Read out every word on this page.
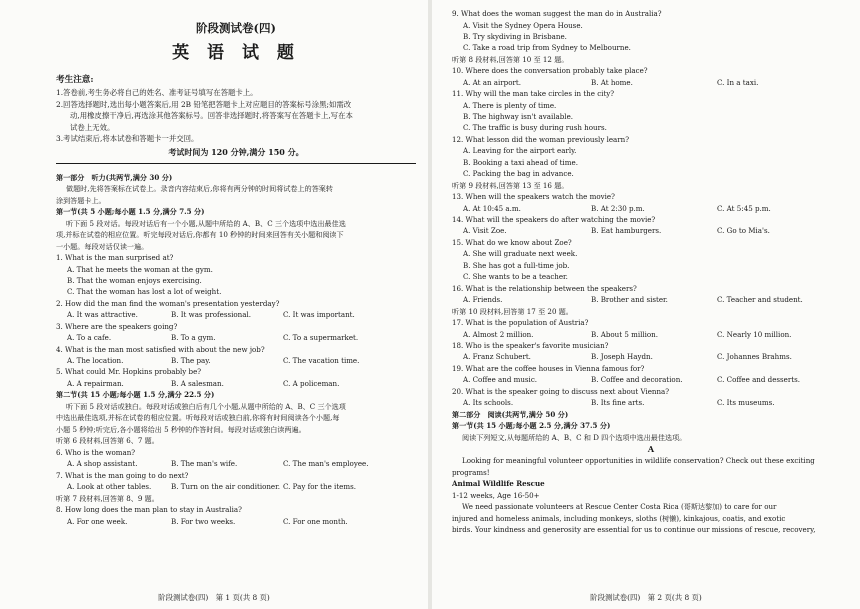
阶段测试卷(四)
英 语 试 题
考生注意:
1.答卷前,考生务必将自己的姓名、准考证号填写在答题卡上。
2.回答选择题时,选出每小题答案后,用 2B 铅笔把答题卡上对应题目的答案标号涂黑;如需改
动,用橡皮擦干净后,再选涂其他答案标号。回答非选择题时,将答案写在答题卡上,写在本
试卷上无效。
3.考试结束后,将本试卷和答题卡一并交回。
考试时间为 120 分钟,满分 150 分。
第一部分　听力(共两节,满分 30 分)
做题时,先将答案标在试卷上。录音内容结束后,你将有两分钟的时间将试卷上的答案转
涂到答题卡上。
第一节(共 5 小题;每小题 1.5 分,满分 7.5 分)
听下面 5 段对话。每段对话后有一个小题,从题中所给的 A、B、C 三个选项中选出最佳选
项,并标在试卷的相应位置。听完每段对话后,你都有 10 秒钟的时间来回答有关小题和阅读下
一小题。每段对话仅读一遍。
1. What is the man surprised at?
A. That he meets the woman at the gym.
B. That the woman enjoys exercising.
C. That the woman has lost a lot of weight.
2. How did the man find the woman's presentation yesterday?
A. It was attractive.	B. It was professional.	C. It was important.
3. Where are the speakers going?
A. To a cafe.	B. To a gym.	C. To a supermarket.
4. What is the man most satisfied with about the new job?
A. The location.	B. The pay.	C. The vacation time.
5. What could Mr. Hopkins probably be?
A. A repairman.	B. A salesman.	C. A policeman.
第二节(共 15 小题;每小题 1.5 分,满分 22.5 分)
听下面 5 段对话或独白。每段对话或独白后有几个小题,从题中所给的 A、B、C 三个选项
中选出最佳选项,并标在试卷的相应位置。听每段对话或独白前,你将有时间阅读各个小题,每
小题 5 秒钟;听完后,各小题将给出 5 秒钟的作答时间。每段对话或独白读两遍。
听第 6 段材料,回答第 6、7 题。
6. Who is the woman?
A. A shop assistant.	B. The man's wife.	C. The man's employee.
7. What is the man going to do next?
A. Look at other tables.	B. Turn on the air conditioner. C. Pay for the items.
听第 7 段材料,回答第 8、9 题。
8. How long does the man plan to stay in Australia?
A. For one week.	B. For two weeks.	C. For one month.
阶段测试卷(四)　第 1 页(共 8 页)
9. What does the woman suggest the man do in Australia?
A. Visit the Sydney Opera House.
B. Try skydiving in Brisbane.
C. Take a road trip from Sydney to Melbourne.
听第 8 段材料,回答第 10 至 12 题。
10. Where does the conversation probably take place?
A. At an airport.	B. At home.	C. In a taxi.
11. Why will the man take circles in the city?
A. There is plenty of time.
B. The highway isn't available.
C. The traffic is busy during rush hours.
12. What lesson did the woman previously learn?
A. Leaving for the airport early.
B. Booking a taxi ahead of time.
C. Packing the bag in advance.
听第 9 段材料,回答第 13 至 16 题。
13. When will the speakers watch the movie?
A. At 10:45 a.m.	B. At 2:30 p.m.	C. At 5:45 p.m.
14. What will the speakers do after watching the movie?
A. Visit Zoe.	B. Eat hamburgers.	C. Go to Mia's.
15. What do we know about Zoe?
A. She will graduate next week.
B. She has got a full-time job.
C. She wants to be a teacher.
16. What is the relationship between the speakers?
A. Friends.	B. Brother and sister.	C. Teacher and student.
听第 10 段材料,回答第 17 至 20 题。
17. What is the population of Austria?
A. Almost 2 million.	B. About 5 million.	C. Nearly 10 million.
18. Who is the speaker's favorite musician?
A. Franz Schubert.	B. Joseph Haydn.	C. Johannes Brahms.
19. What are the coffee houses in Vienna famous for?
A. Coffee and music.	B. Coffee and decoration.	C. Coffee and desserts.
20. What is the speaker going to discuss next about Vienna?
A. Its schools.	B. Its fine arts.	C. Its museums.
第二部分　阅读(共两节,满分 50 分)
第一节(共 15 小题;每小题 2.5 分,满分 37.5 分)
阅读下列短文,从每题所给的 A、B、C 和 D 四个选项中选出最佳选项。
A
Looking for meaningful volunteer opportunities in wildlife conservation? Check out these exciting
programs!
Animal Wildlife Rescue
1-12 weeks, Age 16-50+
We need passionate volunteers at Rescue Center Costa Rica (哥斯达黎加) to care for our
injured and homeless animals, including monkeys, sloths (树懒), kinkajous, coatis, and exotic
birds. Your kindness and generosity are essential for us to continue our missions of rescue, recovery,
阶段测试卷(四)　第 2 页(共 8 页)
